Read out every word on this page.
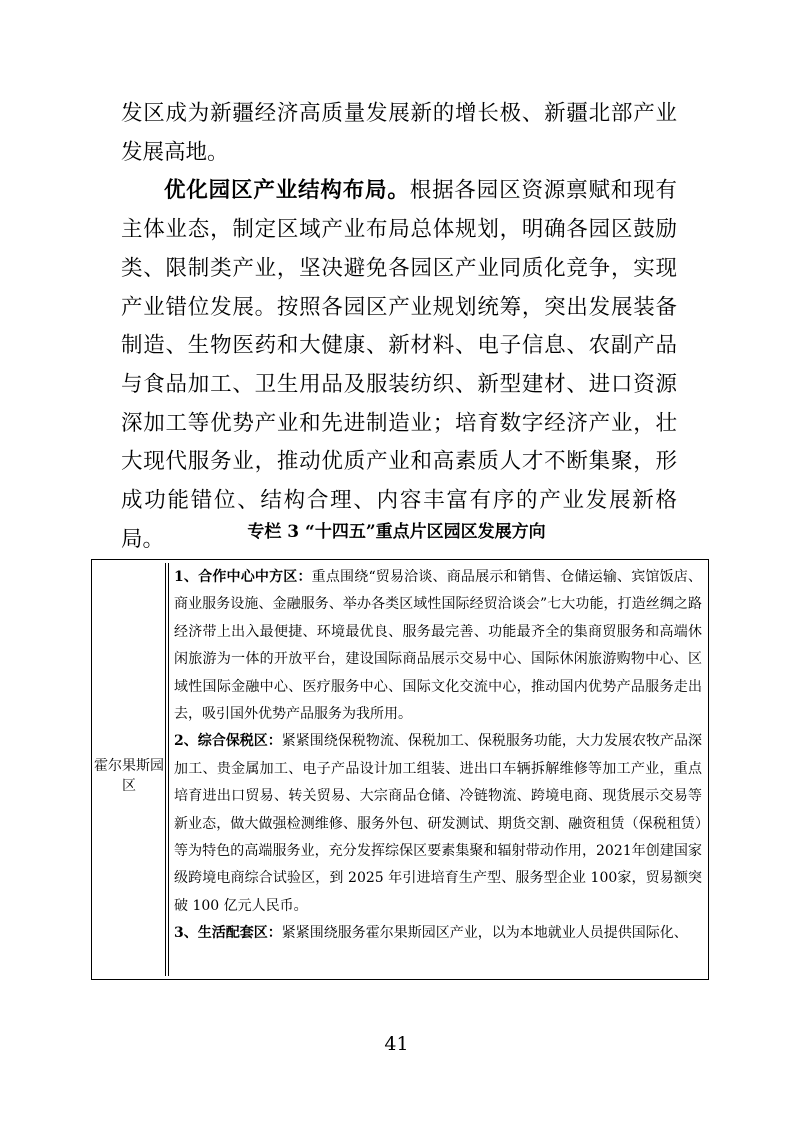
发区成为新疆经济高质量发展新的增长极、新疆北部产业发展高地。

优化园区产业结构布局。根据各园区资源禀赋和现有主体业态，制定区域产业布局总体规划，明确各园区鼓励类、限制类产业，坚决避免各园区产业同质化竞争，实现产业错位发展。按照各园区产业规划统筹，突出发展装备制造、生物医药和大健康、新材料、电子信息、农副产品与食品加工、卫生用品及服装纺织、新型建材、进口资源深加工等优势产业和先进制造业；培育数字经济产业，壮大现代服务业，推动优质产业和高素质人才不断集聚，形成功能错位、结构合理、内容丰富有序的产业发展新格局。	专栏 3 “十四五”重点片区园区发展方向
霍尔果斯园区

1、合作中心中方区：重点围绕“贸易洽谈、商品展示和销售、仓储运输、宾馆饭店、商业服务设施、金融服务、举办各类区域性国际经贸洽谈会”七大功能，打造丝绸之路经济带上出入最便捷、环境最优良、服务最完善、功能最齐全的集商贸服务和高端休闲旅游为一体的开放平台，建设国际商品展示交易中心、国际休闲旅游购物中心、区域性国际金融中心、医疗服务中心、国际文化交流中心，推动国内优势产品服务走出去，吸引国外优势产品服务为我所用。

2、综合保税区：紧紧围绕保税物流、保税加工、保税服务功能，大力发展农牧产品深加工、贵金属加工、电子产品设计加工组装、进出口车辆拆解维修等加工产业，重点培育进出口贸易、转关贸易、大宗商品仓储、冷链物流、跨境电商、现货展示交易等新业态，做大做强检测维修、服务外包、研发测试、期货交割、融资租赁（保税租赁）等为特色的高端服务业，充分发挥综保区要素集聚和辐射带动作用，2021年创建国家级跨境电商综合试验区，到 2025 年引进培育生产型、服务型企业 100家，贸易额突破 100 亿元人民币。

3、生活配套区：紧紧围绕服务霍尔果斯园区产业，以为本地就业人员提供国际化、

41
